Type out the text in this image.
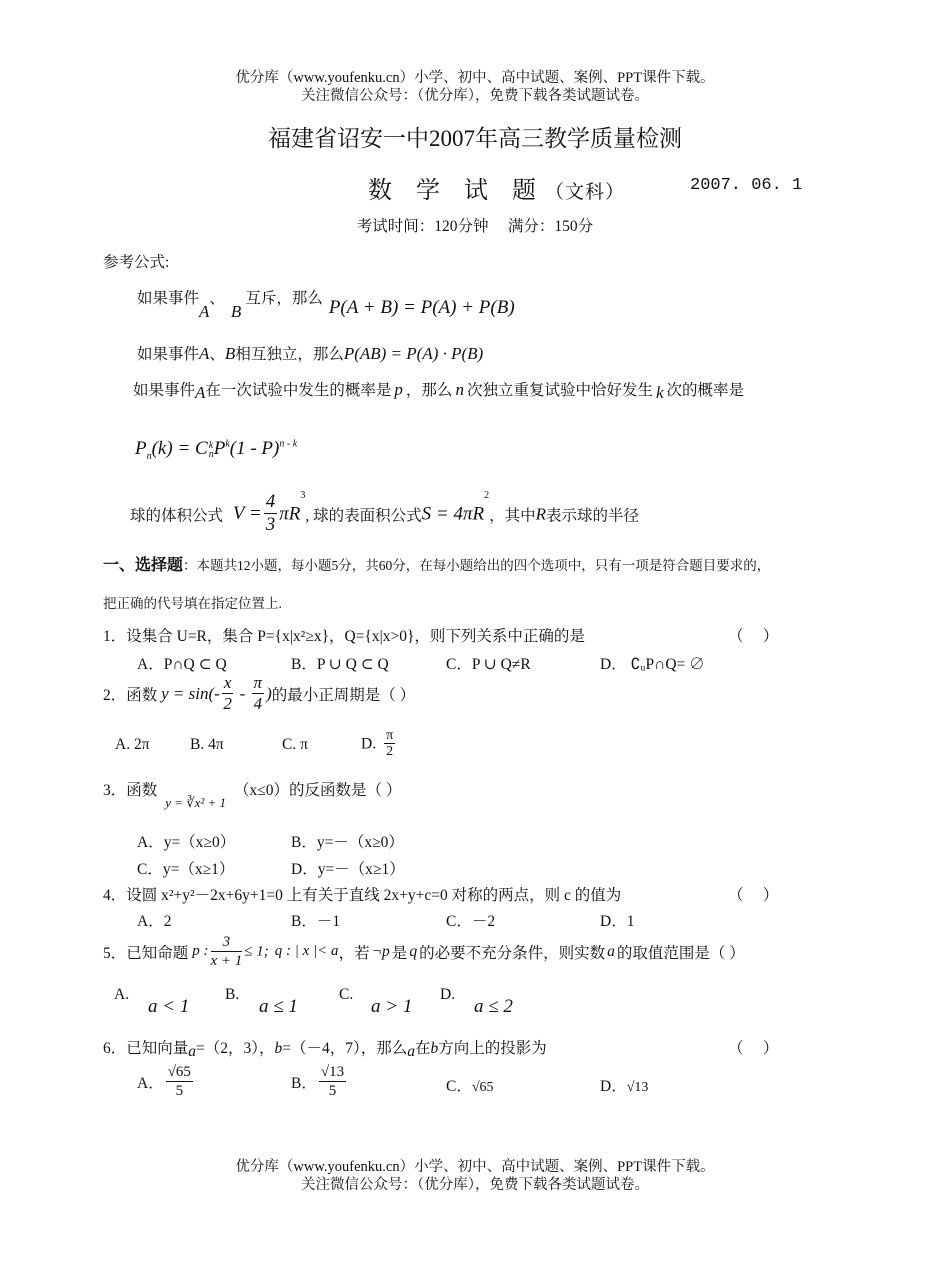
优分库（www.youfenku.cn）小学、初中、高中试题、案例、PPT课件下载。
关注微信公众号：（优分库），免费下载各类试题试卷。
福建省诏安一中2007年高三教学质量检测
数 学 试 题（文科）	2007. 06. 1
考试时间：120分钟     满分：150分
参考公式:
如果事件A、B互斥，那么 P(A + B) = P(A) + P(B)
如果事件A、B相互独立，那么P(AB) = P(A) · P(B)
如果事件A在一次试验中发生的概率是 p ，那么 n 次独立重复试验中恰好发生 k 次的概率是
$P_n(k) = C$ k
n $P^k(1 - P)^{n - k}$
球的体积公式 $V = \frac{4}{3} \pi R^3$, 球的表面积公式$S = 4\pi R^2$，其中R表示球的半径
一、选择题：本题共12小题，每小题5分，共60分，在每小题给出的四个选项中，只有一项是符合题目要求的，
把正确的代号填在指定位置上.
1．设集合 U=R，集合 P={x|x²≥x}，Q={x|x>0}，则下列关系中正确的是	（     ）
A．P∩Q ⊂ Q	B．P ∪ Q ⊂ Q	C．P ∪ Q≠R	D． ∁ᵤP∩Q= ∅
2．函数 $y = \sin(- \frac{x}{2} - \frac{\pi}{4}$ )的最小正周期是（ ）
A. 2π	B. 4π	C. π	D. $\frac{\pi}{2}$
3．函数$_{y = ∛x^2 + 1}$（x≤0）的反函数是（ ）
A．y=（x≥0）	B．y=－（x≥0）
C．y=（x≥1）	D．y=－（x≥1）
4．设圆 x²+y²－2x+6y+1=0 上有关于直线 2x+y+c=0 对称的两点，则 c 的值为	（     ）
A．2	B．－1	C．－2	D．1
5．已知命题 p : $\frac{3}{x + 1} \le 1$; q : | x |< a，若 ¬p 是 q 的必要不充分条件，则实数 a 的取值范围是（ ）
A.
a < 1
B.
a ≤ 1
C.
a > 1
D.
a ≤ 2
6．已知向量a=（2，3），b=（－4，7），那么a在b方向上的投影为	（     ）
A． $\frac{√65}{5}$	B． $\frac{√13}{5}$	C．√65	D．√13
优分库（www.youfenku.cn）小学、初中、高中试题、案例、PPT课件下载。
关注微信公众号：（优分库），免费下载各类试题试卷。
